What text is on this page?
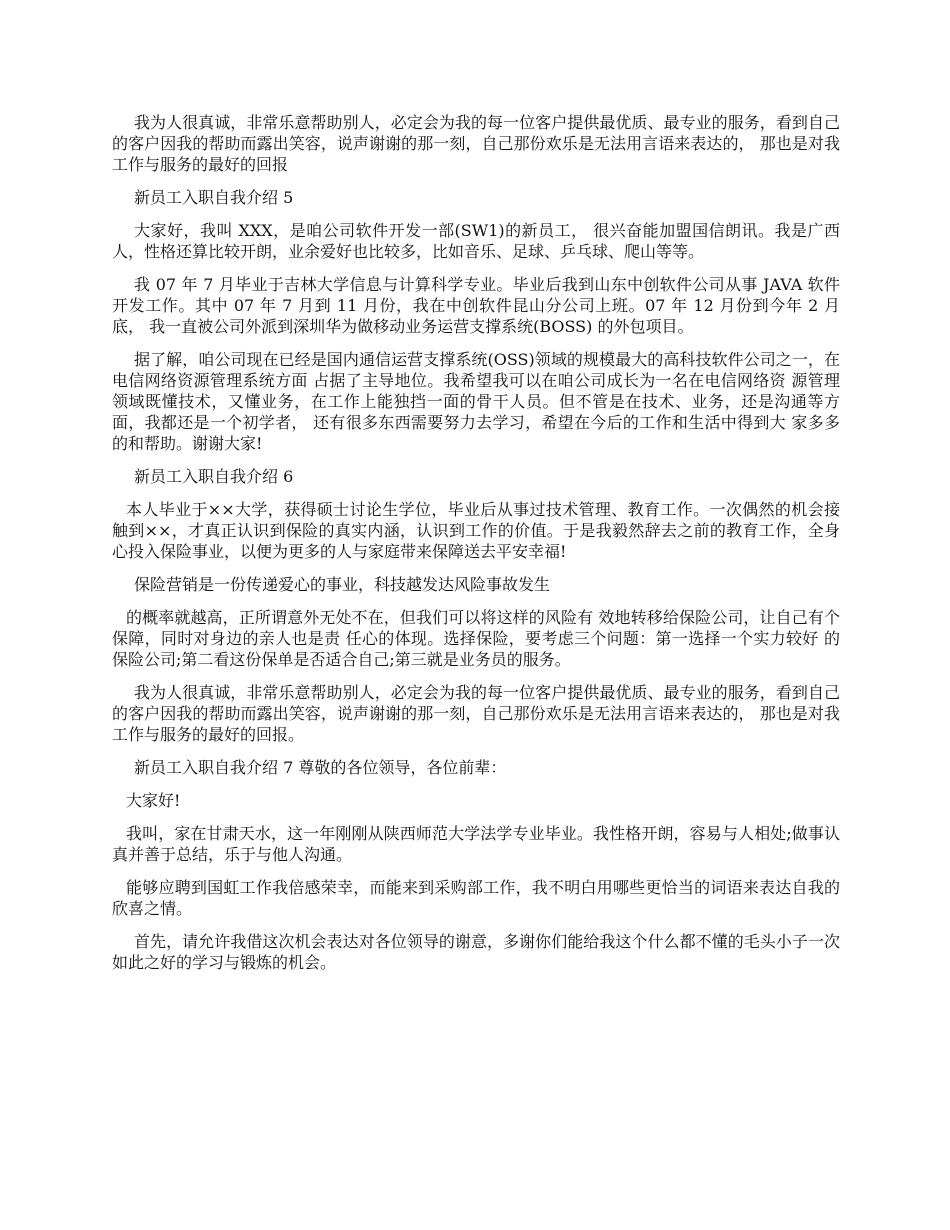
我为人很真诚，非常乐意帮助别人，必定会为我的每一位客户提供最优质、最专业的服务，看到自己的客户因我的帮助而露出笑容，说声谢谢的那一刻，自己那份欢乐是无法用言语来表达的， 那也是对我工作与服务的最好的回报

新员工入职自我介绍 5

大家好，我叫 XXX，是咱公司软件开发一部(SW1)的新员工， 很兴奋能加盟国信朗讯。我是广西人，性格还算比较开朗，业余爱好也比较多，比如音乐、足球、乒乓球、爬山等等。

我 07 年 7 月毕业于吉林大学信息与计算科学专业。毕业后我到山东中创软件公司从事 JAVA 软件开发工作。其中 07 年 7 月到 11 月份，我在中创软件昆山分公司上班。07 年 12 月份到今年 2 月底， 我一直被公司外派到深圳华为做移动业务运营支撑系统(BOSS) 的外包项目。

据了解，咱公司现在已经是国内通信运营支撑系统(OSS)领域的规模最大的高科技软件公司之一，在电信网络资源管理系统方面 占据了主导地位。我希望我可以在咱公司成长为一名在电信网络资 源管理领域既懂技术，又懂业务，在工作上能独挡一面的骨干人员。但不管是在技术、业务，还是沟通等方面，我都还是一个初学者， 还有很多东西需要努力去学习，希望在今后的工作和生活中得到大 家多多的和帮助。谢谢大家!

新员工入职自我介绍 6

本人毕业于××大学，获得硕士讨论生学位，毕业后从事过技术管理、教育工作。一次偶然的机会接触到××，才真正认识到保险的真实内涵，认识到工作的价值。于是我毅然辞去之前的教育工作，全身心投入保险事业，以便为更多的人与家庭带来保障送去平安幸福!

保险营销是一份传递爱心的事业，科技越发达风险事故发生

的概率就越高，正所谓意外无处不在，但我们可以将这样的风险有 效地转移给保险公司，让自己有个保障，同时对身边的亲人也是责 任心的体现。选择保险，要考虑三个问题：第一选择一个实力较好 的保险公司;第二看这份保单是否适合自己;第三就是业务员的服务。

我为人很真诚，非常乐意帮助别人，必定会为我的每一位客户提供最优质、最专业的服务，看到自己的客户因我的帮助而露出笑容，说声谢谢的那一刻，自己那份欢乐是无法用言语来表达的， 那也是对我工作与服务的最好的回报。

新员工入职自我介绍 7 尊敬的各位领导，各位前辈：

大家好!

我叫，家在甘肃天水，这一年刚刚从陕西师范大学法学专业毕业。我性格开朗，容易与人相处;做事认真并善于总结，乐于与他人沟通。

能够应聘到国虹工作我倍感荣幸，而能来到采购部工作，我不明白用哪些更恰当的词语来表达自我的欣喜之情。

首先，请允许我借这次机会表达对各位领导的谢意，多谢你们能给我这个什么都不懂的毛头小子一次如此之好的学习与锻炼的机会。
